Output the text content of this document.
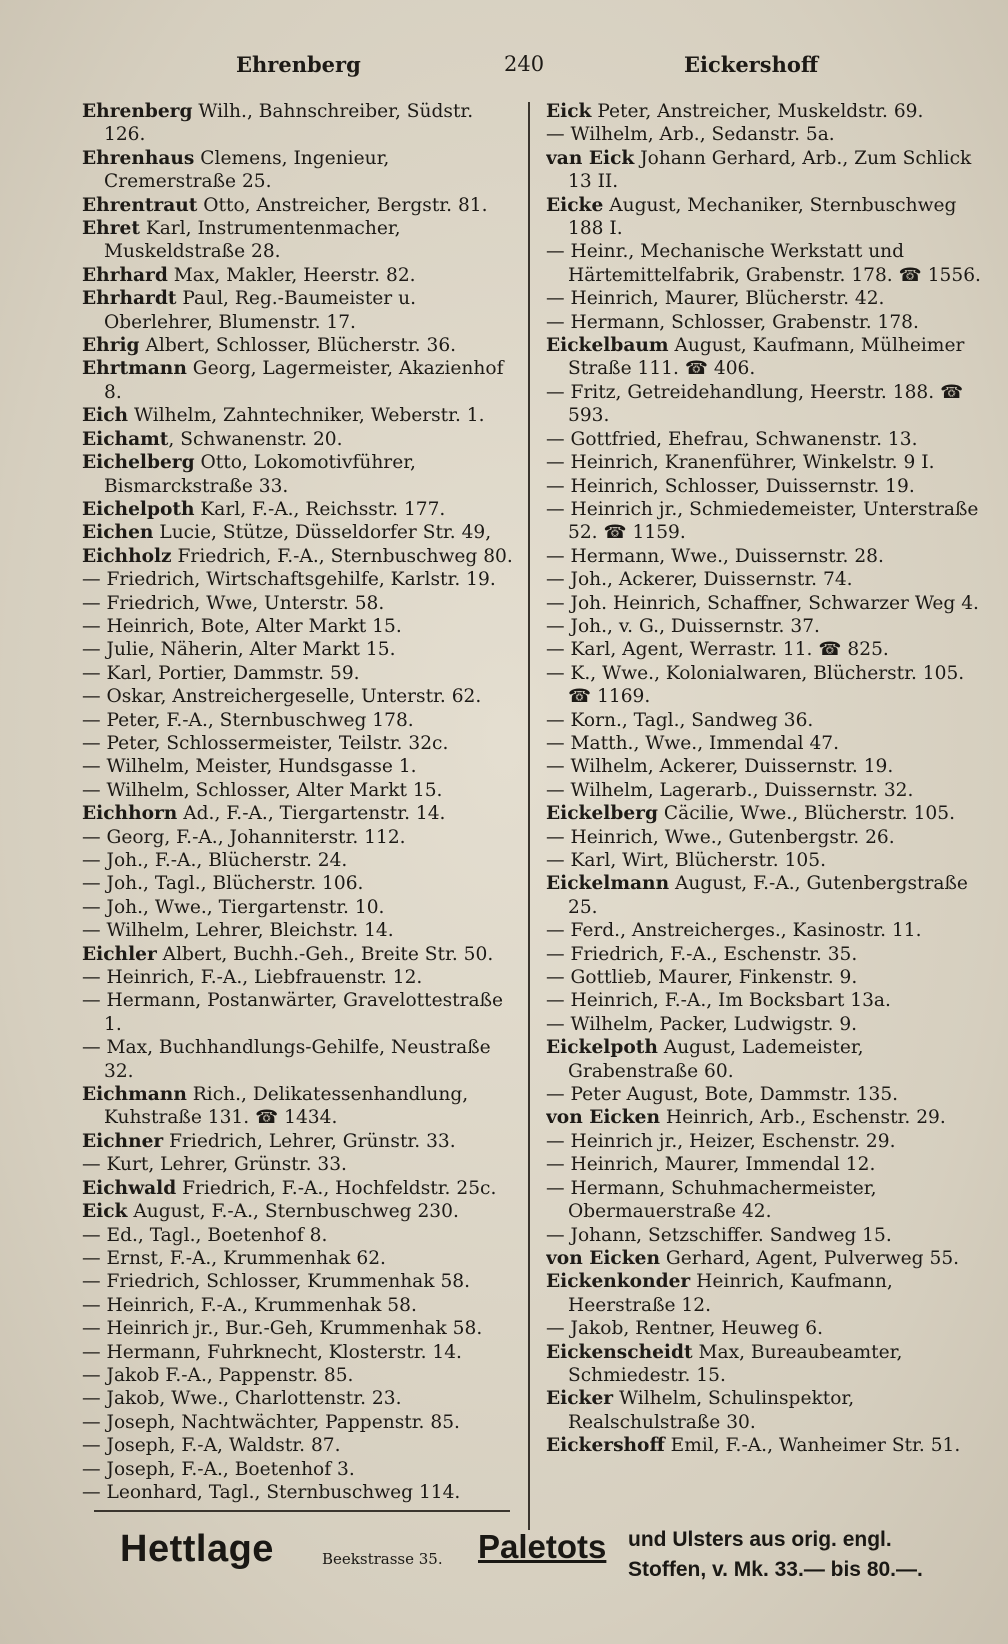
Ehrenberg	240	Eickershoff

Ehrenberg Wilh., Bahnschreiber, Südstr. 126.

Ehrenhaus Clemens, Ingenieur, Cremerstraße 25.

Ehrentraut Otto, Anstreicher, Bergstr. 81.

Ehret Karl, Instrumentenmacher, Muskeldstraße 28.

Ehrhard Max, Makler, Heerstr. 82.

Ehrhardt Paul, Reg.-Baumeister u. Oberlehrer, Blumenstr. 17.

Ehrig Albert, Schlosser, Blücherstr. 36.

Ehrtmann Georg, Lagermeister, Akazienhof 8.

Eich Wilhelm, Zahntechniker, Weberstr. 1.

Eichamt, Schwanenstr. 20.

Eichelberg Otto, Lokomotivführer, Bismarckstraße 33.

Eichelpoth Karl, F.-A., Reichsstr. 177.

Eichen Lucie, Stütze, Düsseldorfer Str. 49,

Eichholz Friedrich, F.-A., Sternbuschweg 80.

— Friedrich, Wirtschaftsgehilfe, Karlstr. 19.

— Friedrich, Wwe, Unterstr. 58.

— Heinrich, Bote, Alter Markt 15.

— Julie, Näherin, Alter Markt 15.

— Karl, Portier, Dammstr. 59.

— Oskar, Anstreichergeselle, Unterstr. 62.

— Peter, F.-A., Sternbuschweg 178.

— Peter, Schlossermeister, Teilstr. 32c.

— Wilhelm, Meister, Hundsgasse 1.

— Wilhelm, Schlosser, Alter Markt 15.

Eichhorn Ad., F.-A., Tiergartenstr. 14.

— Georg, F.-A., Johanniterstr. 112.

— Joh., F.-A., Blücherstr. 24.

— Joh., Tagl., Blücherstr. 106.

— Joh., Wwe., Tiergartenstr. 10.

— Wilhelm, Lehrer, Bleichstr. 14.

Eichler Albert, Buchh.-Geh., Breite Str. 50.

— Heinrich, F.-A., Liebfrauenstr. 12.

— Hermann, Postanwärter, Gravelottestraße 1.

— Max, Buchhandlungs-Gehilfe, Neustraße 32.

Eichmann Rich., Delikatessenhandlung, Kuhstraße 131. ☎ 1434.

Eichner Friedrich, Lehrer, Grünstr. 33.

— Kurt, Lehrer, Grünstr. 33.

Eichwald Friedrich, F.-A., Hochfeldstr. 25c.

Eick August, F.-A., Sternbuschweg 230.

— Ed., Tagl., Boetenhof 8.

— Ernst, F.-A., Krummenhak 62.

— Friedrich, Schlosser, Krummenhak 58.

— Heinrich, F.-A., Krummenhak 58.

— Heinrich jr., Bur.-Geh, Krummenhak 58.

— Hermann, Fuhrknecht, Klosterstr. 14.

— Jakob F.-A., Pappenstr. 85.

— Jakob, Wwe., Charlottenstr. 23.

— Joseph, Nachtwächter, Pappenstr. 85.

— Joseph, F.-A, Waldstr. 87.

— Joseph, F.-A., Boetenhof 3.

— Leonhard, Tagl., Sternbuschweg 114.

Eick Peter, Anstreicher, Muskeldstr. 69.

— Wilhelm, Arb., Sedanstr. 5a.

van Eick Johann Gerhard, Arb., Zum Schlick 13 II.

Eicke August, Mechaniker, Sternbuschweg 188 I.

— Heinr., Mechanische Werkstatt und Härtemittelfabrik, Grabenstr. 178. ☎ 1556.

— Heinrich, Maurer, Blücherstr. 42.

— Hermann, Schlosser, Grabenstr. 178.

Eickelbaum August, Kaufmann, Mülheimer Straße 111. ☎ 406.

— Fritz, Getreidehandlung, Heerstr. 188. ☎ 593.

— Gottfried, Ehefrau, Schwanenstr. 13.

— Heinrich, Kranenführer, Winkelstr. 9 I.

— Heinrich, Schlosser, Duissernstr. 19.

— Heinrich jr., Schmiedemeister, Unterstraße 52. ☎ 1159.

— Hermann, Wwe., Duissernstr. 28.

— Joh., Ackerer, Duissernstr. 74.

— Joh. Heinrich, Schaffner, Schwarzer Weg 4.

— Joh., v. G., Duissernstr. 37.

— Karl, Agent, Werrastr. 11. ☎ 825.

— K., Wwe., Kolonialwaren, Blücherstr. 105. ☎ 1169.

— Korn., Tagl., Sandweg 36.

— Matth., Wwe., Immendal 47.

— Wilhelm, Ackerer, Duissernstr. 19.

— Wilhelm, Lagerarb., Duissernstr. 32.

Eickelberg Cäcilie, Wwe., Blücherstr. 105.

— Heinrich, Wwe., Gutenbergstr. 26.

— Karl, Wirt, Blücherstr. 105.

Eickelmann August, F.-A., Gutenbergstraße 25.

— Ferd., Anstreicherges., Kasinostr. 11.

— Friedrich, F.-A., Eschenstr. 35.

— Gottlieb, Maurer, Finkenstr. 9.

— Heinrich, F.-A., Im Bocksbart 13a.

— Wilhelm, Packer, Ludwigstr. 9.

Eickelpoth August, Lademeister, Grabenstraße 60.

— Peter August, Bote, Dammstr. 135.

von Eicken Heinrich, Arb., Eschenstr. 29.

— Heinrich jr., Heizer, Eschenstr. 29.

— Heinrich, Maurer, Immendal 12.

— Hermann, Schuhmachermeister, Obermauerstraße 42.

— Johann, Setzschiffer. Sandweg 15.

von Eicken Gerhard, Agent, Pulverweg 55.

Eickenkonder Heinrich, Kaufmann, Heerstraße 12.

— Jakob, Rentner, Heuweg 6.

Eickenscheidt Max, Bureaubeamter, Schmiedestr. 15.

Eicker Wilhelm, Schulinspektor, Realschulstraße 30.

Eickershoff Emil, F.-A., Wanheimer Str. 51.

Hettlage	Beekstrasse 35. Paletots und Ulsters aus orig. engl.
Stoffen, v. Mk. 33.— bis 80.—.
